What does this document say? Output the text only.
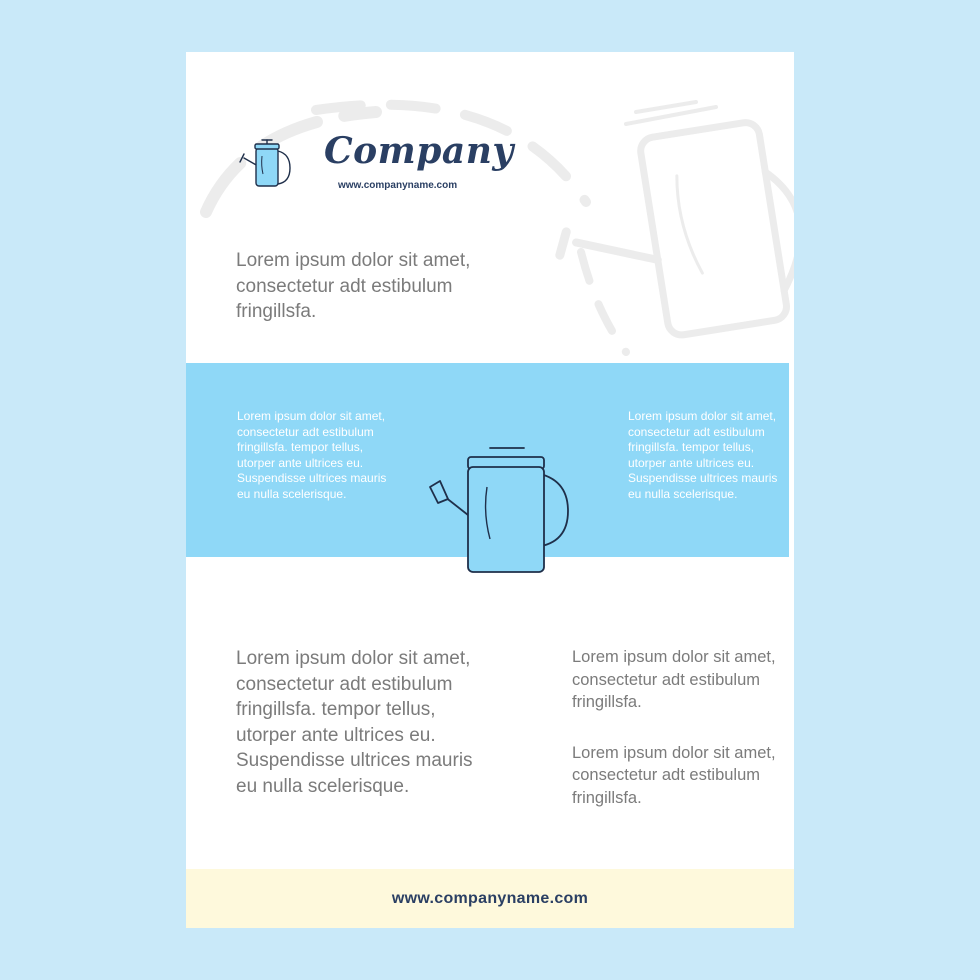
Company
www.companyname.com
Lorem ipsum dolor sit amet, consectetur adt estibulum fringillsfa.
Lorem ipsum dolor sit amet, consectetur adt estibulum fringillsfa. tempor tellus, utorper ante ultrices eu. Suspendisse ultrices mauris eu nulla scelerisque.
Lorem ipsum dolor sit amet, consectetur adt estibulum fringillsfa. tempor tellus, utorper ante ultrices eu. Suspendisse ultrices mauris eu nulla scelerisque.
Lorem ipsum dolor sit amet, consectetur adt estibulum fringillsfa. tempor tellus, utorper ante ultrices eu. Suspendisse ultrices mauris eu nulla scelerisque.

Lorem ipsum dolor sit amet, consectetur adt estibulum fringillsfa.

Lorem ipsum dolor sit amet, consectetur adt estibulum fringillsfa.

www.companyname.com
